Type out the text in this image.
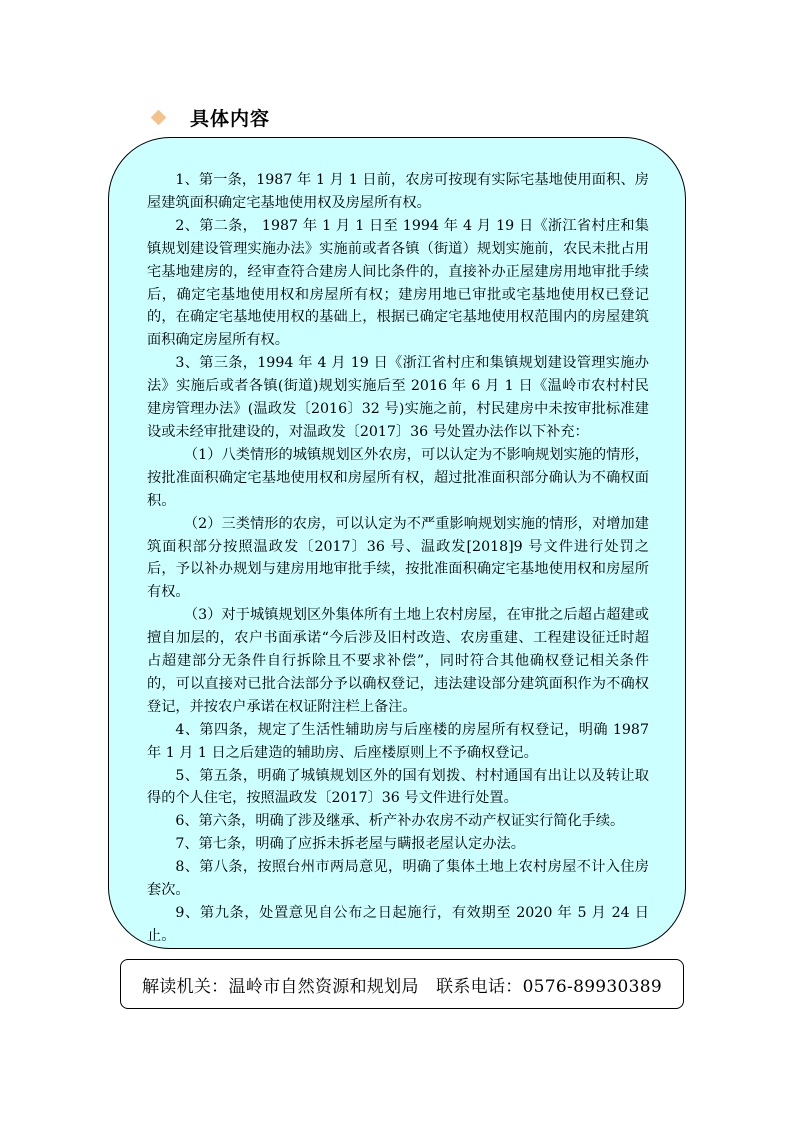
具体内容

1、第一条，1987 年 1 月 1 日前，农房可按现有实际宅基地使用面积、房屋建筑面积确定宅基地使用权及房屋所有权。

2、第二条， 1987 年 1 月 1 日至 1994 年 4 月 19 日《浙江省村庄和集镇规划建设管理实施办法》实施前或者各镇（街道）规划实施前，农民未批占用宅基地建房的，经审查符合建房人间比条件的，直接补办正屋建房用地审批手续后，确定宅基地使用权和房屋所有权；建房用地已审批或宅基地使用权已登记的，在确定宅基地使用权的基础上，根据已确定宅基地使用权范围内的房屋建筑面积确定房屋所有权。

3、第三条，1994 年 4 月 19 日《浙江省村庄和集镇规划建设管理实施办法》实施后或者各镇(街道)规划实施后至 2016 年 6 月 1 日《温岭市农村村民建房管理办法》(温政发〔2016〕32 号)实施之前，村民建房中未按审批标准建设或未经审批建设的，对温政发〔2017〕36 号处置办法作以下补充：

（1）八类情形的城镇规划区外农房，可以认定为不影响规划实施的情形，按批准面积确定宅基地使用权和房屋所有权，超过批准面积部分确认为不确权面积。

（2）三类情形的农房，可以认定为不严重影响规划实施的情形，对增加建筑面积部分按照温政发〔2017〕36 号、温政发[2018]9 号文件进行处罚之后，予以补办规划与建房用地审批手续，按批准面积确定宅基地使用权和房屋所有权。

（3）对于城镇规划区外集体所有土地上农村房屋，在审批之后超占超建或擅自加层的，农户书面承诺“今后涉及旧村改造、农房重建、工程建设征迁时超占超建部分无条件自行拆除且不要求补偿”，同时符合其他确权登记相关条件的，可以直接对已批合法部分予以确权登记，违法建设部分建筑面积作为不确权登记，并按农户承诺在权证附注栏上备注。

4、第四条，规定了生活性辅助房与后座楼的房屋所有权登记，明确 1987 年 1 月 1 日之后建造的辅助房、后座楼原则上不予确权登记。

5、第五条，明确了城镇规划区外的国有划拨、村村通国有出让以及转让取得的个人住宅，按照温政发〔2017〕36 号文件进行处置。

6、第六条，明确了涉及继承、析产补办农房不动产权证实行简化手续。

7、第七条，明确了应拆未拆老屋与瞒报老屋认定办法。

8、第八条，按照台州市两局意见，明确了集体土地上农村房屋不计入住房套次。

9、第九条，处置意见自公布之日起施行，有效期至 2020 年 5 月 24 日止。

解读机关：温岭市自然资源和规划局　联系电话：0576-89930389
